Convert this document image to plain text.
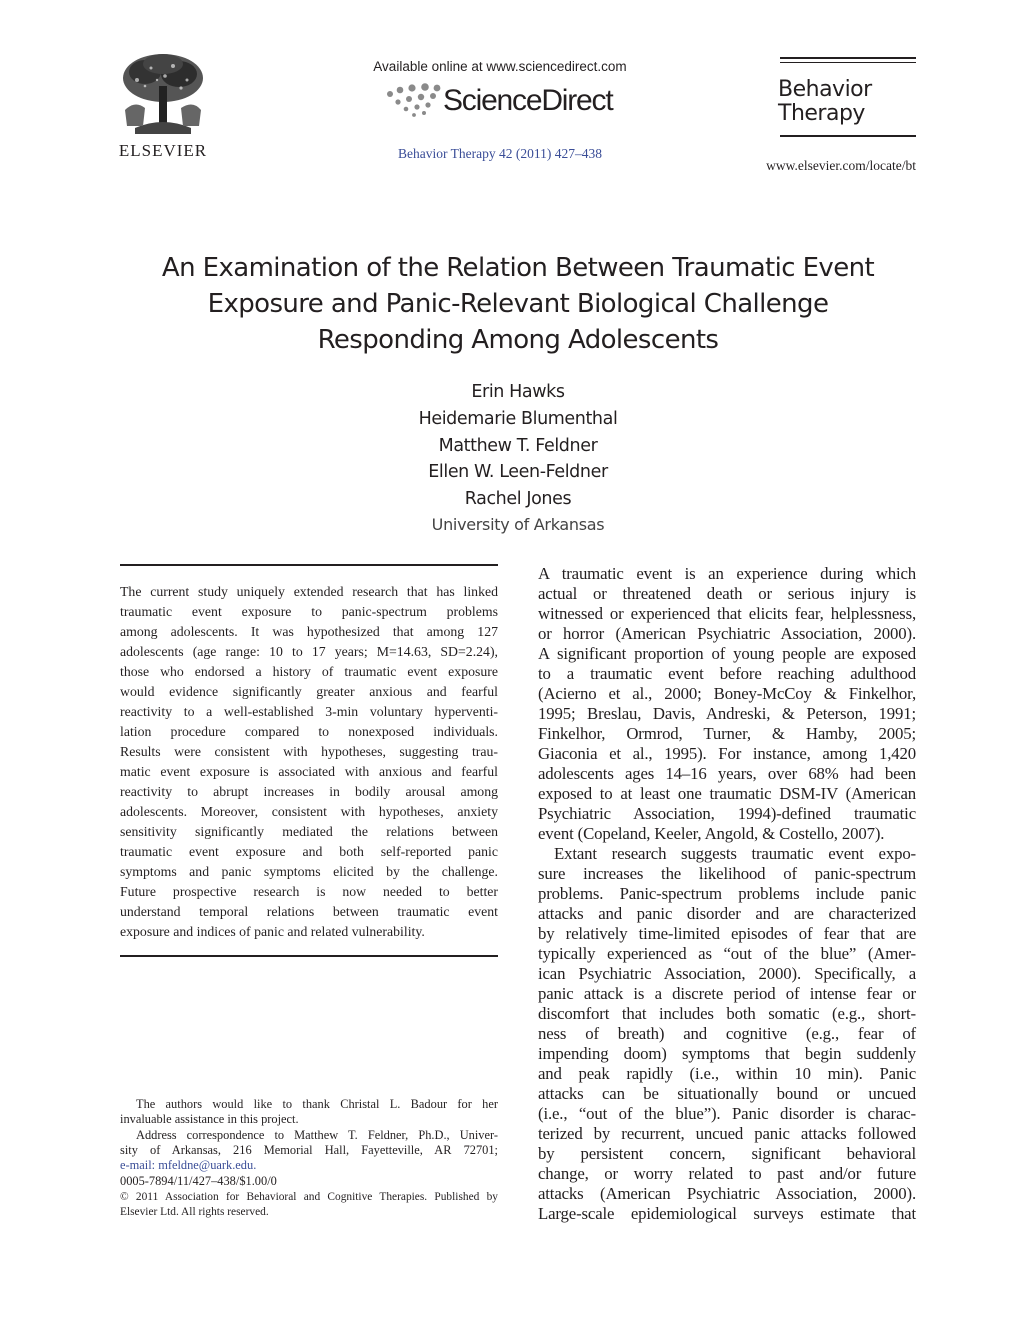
ELSEVIER
Available online at www.sciencedirect.com
ScienceDirect
Behavior Therapy 42 (2011) 427–438
Behavior
Therapy
www.elsevier.com/locate/bt
An Examination of the Relation Between Traumatic Event
Exposure and Panic-Relevant Biological Challenge
Responding Among Adolescents
Erin Hawks
Heidemarie Blumenthal
Matthew T. Feldner
Ellen W. Leen-Feldner
Rachel Jones
University of Arkansas
The current study uniquely extended research that has linked
traumatic event exposure to panic-spectrum problems
among adolescents. It was hypothesized that among 127
adolescents (age range: 10 to 17 years; M=14.63, SD=2.24),
those who endorsed a history of traumatic event exposure
would evidence significantly greater anxious and fearful
reactivity to a well-established 3-min voluntary hyperventi-
lation procedure compared to nonexposed individuals.
Results were consistent with hypotheses, suggesting trau-
matic event exposure is associated with anxious and fearful
reactivity to abrupt increases in bodily arousal among
adolescents. Moreover, consistent with hypotheses, anxiety
sensitivity significantly mediated the relations between
traumatic event exposure and both self-reported panic
symptoms and panic symptoms elicited by the challenge.
Future prospective research is now needed to better
understand temporal relations between traumatic event
exposure and indices of panic and related vulnerability.
The authors would like to thank Christal L. Badour for her
invaluable assistance in this project.
Address correspondence to Matthew T. Feldner, Ph.D., Univer-
sity of Arkansas, 216 Memorial Hall, Fayetteville, AR 72701;
e-mail: mfeldne@uark.edu.
0005-7894/11/427–438/$1.00/0
© 2011 Association for Behavioral and Cognitive Therapies. Published by
Elsevier Ltd. All rights reserved.
A traumatic event is an experience during which
actual or threatened death or serious injury is
witnessed or experienced that elicits fear, helplessness,
or horror (American Psychiatric Association, 2000).
A significant proportion of young people are exposed
to a traumatic event before reaching adulthood
(Acierno et al., 2000; Boney-McCoy & Finkelhor,
1995; Breslau, Davis, Andreski, & Peterson, 1991;
Finkelhor, Ormrod, Turner, & Hamby, 2005;
Giaconia et al., 1995). For instance, among 1,420
adolescents ages 14–16 years, over 68% had been
exposed to at least one traumatic DSM-IV (American
Psychiatric Association, 1994)-defined traumatic
event (Copeland, Keeler, Angold, & Costello, 2007).
Extant research suggests traumatic event expo-
sure increases the likelihood of panic-spectrum
problems. Panic-spectrum problems include panic
attacks and panic disorder and are characterized
by relatively time-limited episodes of fear that are
typically experienced as “out of the blue” (Amer-
ican Psychiatric Association, 2000). Specifically, a
panic attack is a discrete period of intense fear or
discomfort that includes both somatic (e.g., short-
ness of breath) and cognitive (e.g., fear of
impending doom) symptoms that begin suddenly
and peak rapidly (i.e., within 10 min). Panic
attacks can be situationally bound or uncued
(i.e., “out of the blue”). Panic disorder is charac-
terized by recurrent, uncued panic attacks followed
by persistent concern, significant behavioral
change, or worry related to past and/or future
attacks (American Psychiatric Association, 2000).
Large-scale epidemiological surveys estimate that
